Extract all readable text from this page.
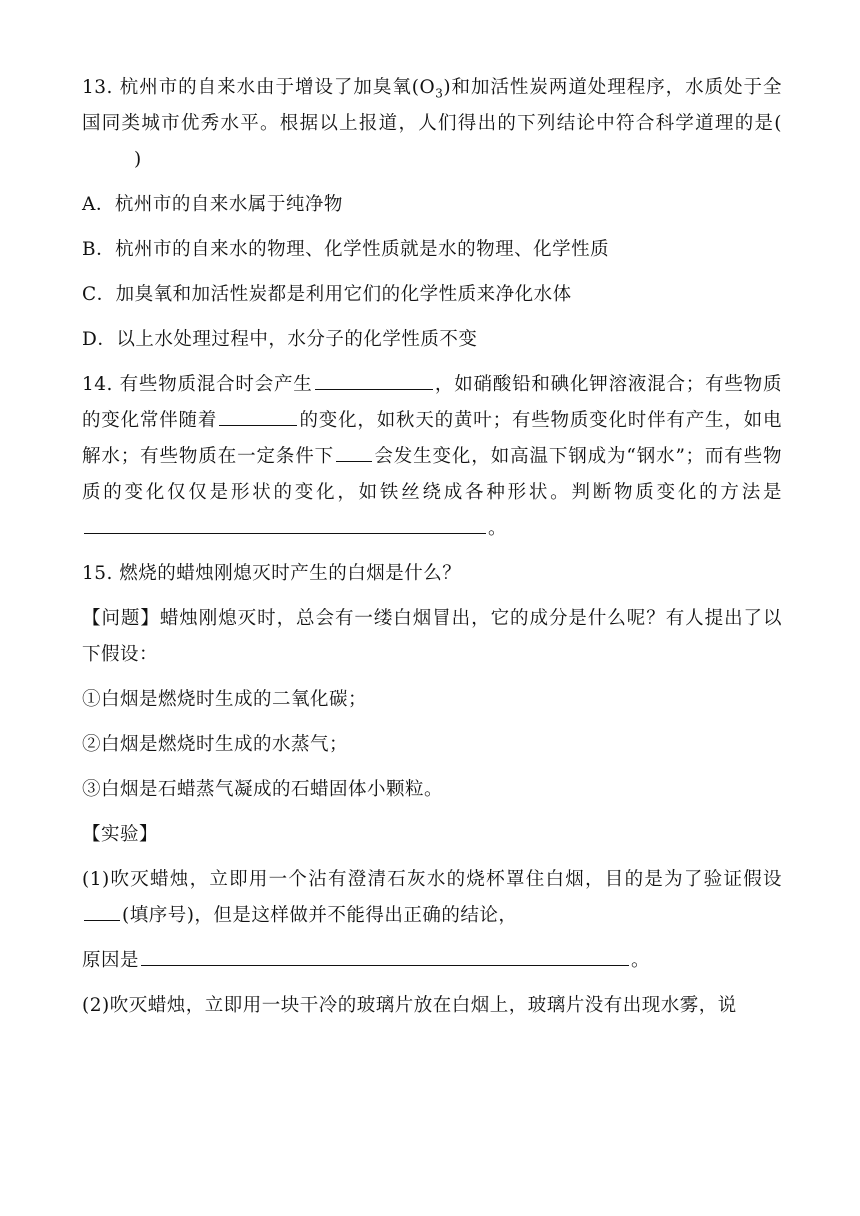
13. 杭州市的自来水由于增设了加臭氧$(O_3)$和加活性炭两道处理程序，水质处于全国同类城市优秀水平。根据以上报道，人们得出的下列结论中符合科学道理的是()

A．杭州市的自来水属于纯净物

B．杭州市的自来水的物理、化学性质就是水的物理、化学性质

C．加臭氧和加活性炭都是利用它们的化学性质来净化水体

D．以上水处理过程中，水分子的化学性质不变

14. 有些物质混合时会产生	，如硝酸铅和碘化钾溶液混合；有些物质的变化常伴随着	的变化，如秋天的黄叶；有些物质变化时伴有产生，如电解水；有些物质在一定条件下 会发生变化，如高温下钢成为“钢水”；而有些物质的变化仅仅是形状的变化，如铁丝绕成各种形状。判断物质变化的方法是。

15. 燃烧的蜡烛刚熄灭时产生的白烟是什么？

【问题】蜡烛刚熄灭时，总会有一缕白烟冒出，它的成分是什么呢？有人提出了以下假设：

①白烟是燃烧时生成的二氧化碳；

②白烟是燃烧时生成的水蒸气；

③白烟是石蜡蒸气凝成的石蜡固体小颗粒。

【实验】

(1)吹灭蜡烛，立即用一个沾有澄清石灰水的烧杯罩住白烟，目的是为了验证假设(填序号)，但是这样做并不能得出正确的结论，

原因是	。

(2)吹灭蜡烛，立即用一块干冷的玻璃片放在白烟上，玻璃片没有出现水雾，说
